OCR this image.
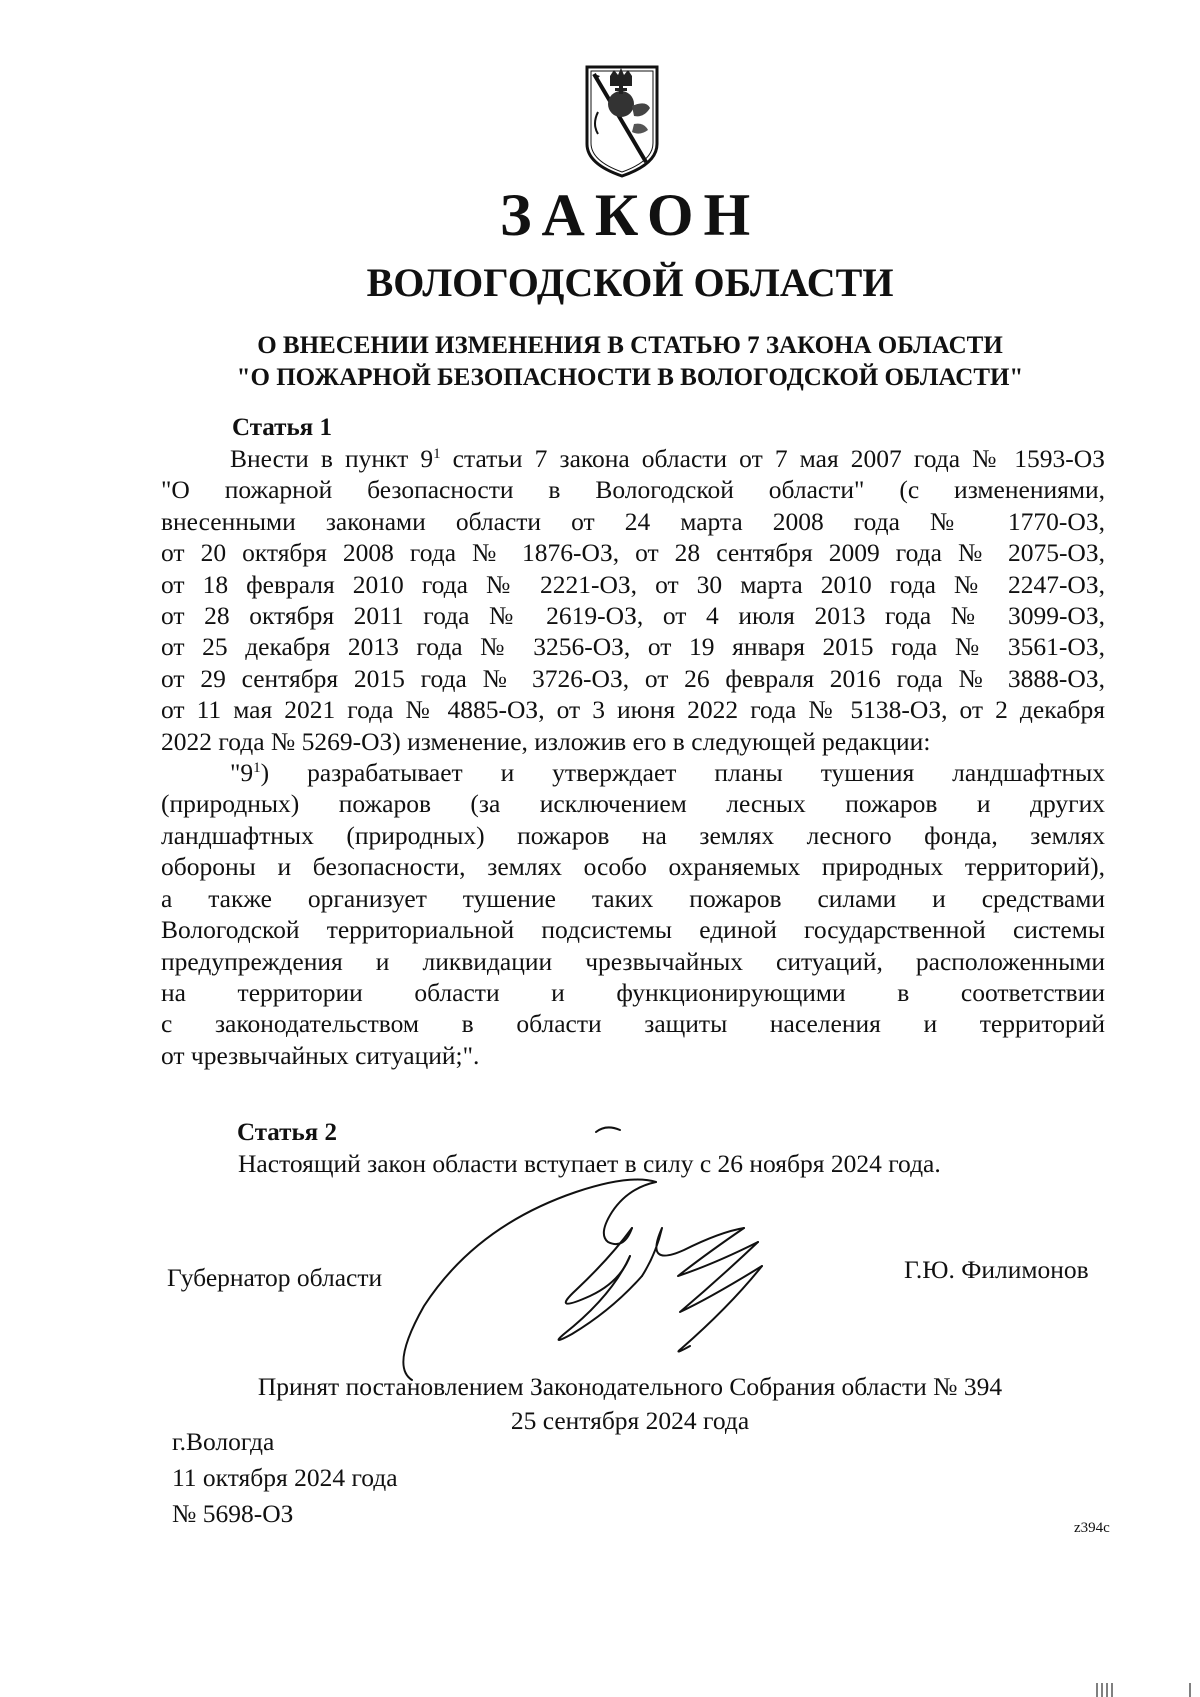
ЗАКОН
ВОЛОГОДСКОЙ ОБЛАСТИ
О ВНЕСЕНИИ ИЗМЕНЕНИЯ В СТАТЬЮ 7 ЗАКОНА ОБЛАСТИ
"О ПОЖАРНОЙ БЕЗОПАСНОСТИ В ВОЛОГОДСКОЙ ОБЛАСТИ"
Статья 1
Внести в пункт $9^1$ статьи 7 закона области от 7 мая 2007 года № 1593-ОЗ
"О пожарной безопасности в Вологодской области" (с изменениями,
внесенными законами области от 24 марта 2008 года № 1770-ОЗ,
от 20 октября 2008 года № 1876-ОЗ, от 28 сентября 2009 года № 2075-ОЗ,
от 18 февраля 2010 года № 2221-ОЗ, от 30 марта 2010 года № 2247-ОЗ,
от 28 октября 2011 года № 2619-ОЗ, от 4 июля 2013 года № 3099-ОЗ,
от 25 декабря 2013 года № 3256-ОЗ, от 19 января 2015 года № 3561-ОЗ,
от 29 сентября 2015 года № 3726-ОЗ, от 26 февраля 2016 года № 3888-ОЗ,
от 11 мая 2021 года № 4885-ОЗ, от 3 июня 2022 года № 5138-ОЗ, от 2 декабря
2022 года № 5269-ОЗ) изменение, изложив его в следующей редакции:
"$9^1$) разрабатывает и утверждает планы тушения ландшафтных
(природных) пожаров (за исключением лесных пожаров и других
ландшафтных (природных) пожаров на землях лесного фонда, землях
обороны и безопасности, землях особо охраняемых природных территорий),
а также организует тушение таких пожаров силами и средствами
Вологодской территориальной подсистемы единой государственной системы
предупреждения и ликвидации чрезвычайных ситуаций, расположенными
на территории области и функционирующими в соответствии
с законодательством в области защиты населения и территорий
от чрезвычайных ситуаций;".
Статья 2
Настоящий закон области вступает в силу с 26 ноября 2024 года.
Губернатор области	Г.Ю. Филимонов
Принят постановлением Законодательного Собрания области № 394
25 сентября 2024 года
г.Вологда
11 октября 2024 года
№ 5698-ОЗ	z394c
